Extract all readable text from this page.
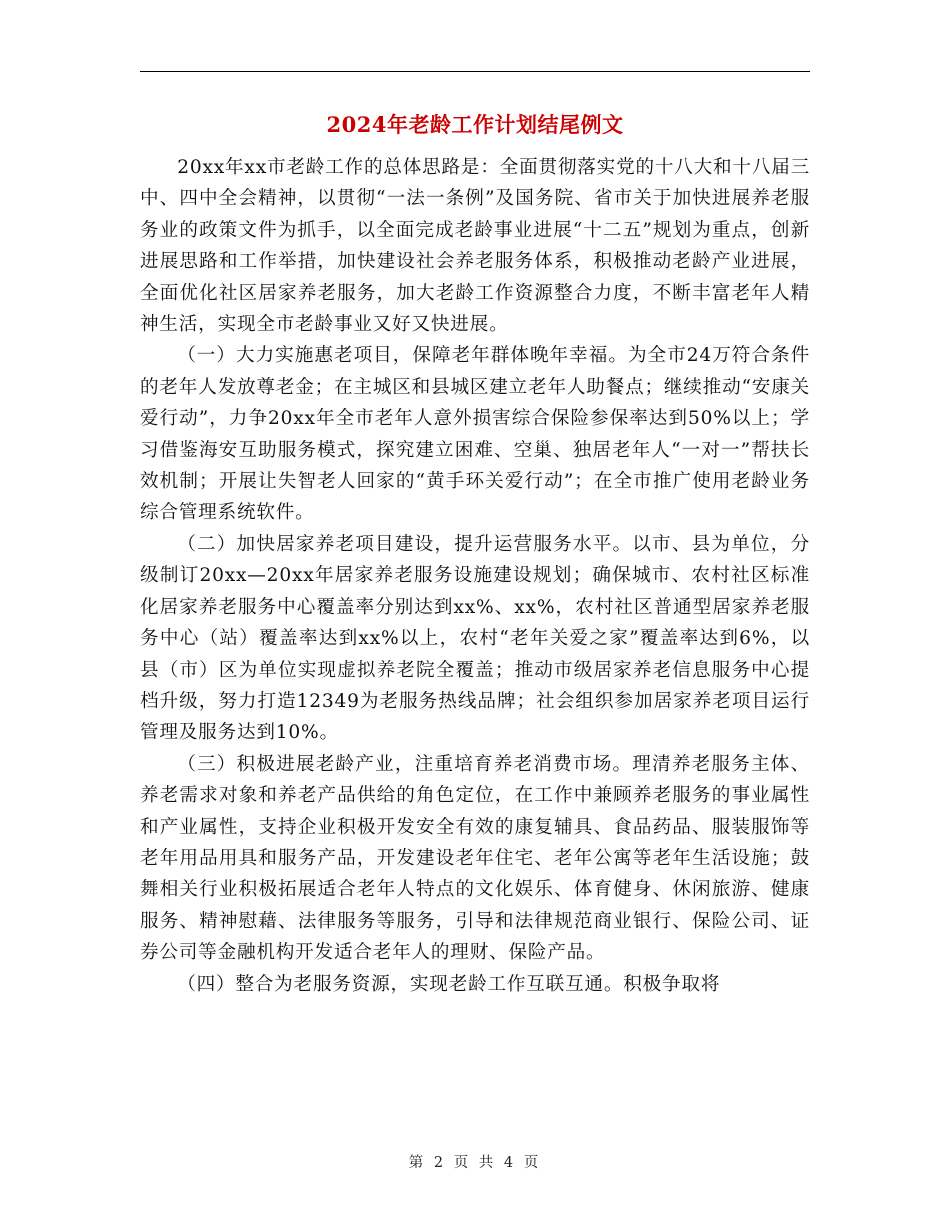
2024年老龄工作计划结尾例文

20xx年xx市老龄工作的总体思路是：全面贯彻落实党的十八大和十八届三中、四中全会精神，以贯彻“一法一条例”及国务院、省市关于加快进展养老服务业的政策文件为抓手，以全面完成老龄事业进展“十二五”规划为重点，创新进展思路和工作举措，加快建设社会养老服务体系，积极推动老龄产业进展，全面优化社区居家养老服务，加大老龄工作资源整合力度，不断丰富老年人精神生活，实现全市老龄事业又好又快进展。

（一）大力实施惠老项目，保障老年群体晚年幸福。为全市24万符合条件的老年人发放尊老金；在主城区和县城区建立老年人助餐点；继续推动“安康关爱行动”，力争20xx年全市老年人意外损害综合保险参保率达到50%以上；学习借鉴海安互助服务模式，探究建立困难、空巢、独居老年人“一对一”帮扶长效机制；开展让失智老人回家的“黄手环关爱行动”；在全市推广使用老龄业务综合管理系统软件。

（二）加快居家养老项目建设，提升运营服务水平。以市、县为单位，分级制订20xx—20xx年居家养老服务设施建设规划；确保城市、农村社区标准化居家养老服务中心覆盖率分别达到xx%、xx%，农村社区普通型居家养老服务中心（站）覆盖率达到xx%以上，农村“老年关爱之家”覆盖率达到6%，以县（市）区为单位实现虚拟养老院全覆盖；推动市级居家养老信息服务中心提档升级，努力打造12349为老服务热线品牌；社会组织参加居家养老项目运行管理及服务达到10%。

（三）积极进展老龄产业，注重培育养老消费市场。理清养老服务主体、养老需求对象和养老产品供给的角色定位，在工作中兼顾养老服务的事业属性和产业属性，支持企业积极开发安全有效的康复辅具、食品药品、服装服饰等老年用品用具和服务产品，开发建设老年住宅、老年公寓等老年生活设施；鼓舞相关行业积极拓展适合老年人特点的文化娱乐、体育健身、休闲旅游、健康服务、精神慰藉、法律服务等服务，引导和法律规范商业银行、保险公司、证券公司等金融机构开发适合老年人的理财、保险产品。

（四）整合为老服务资源，实现老龄工作互联互通。积极争取将

第 2 页 共 4 页
